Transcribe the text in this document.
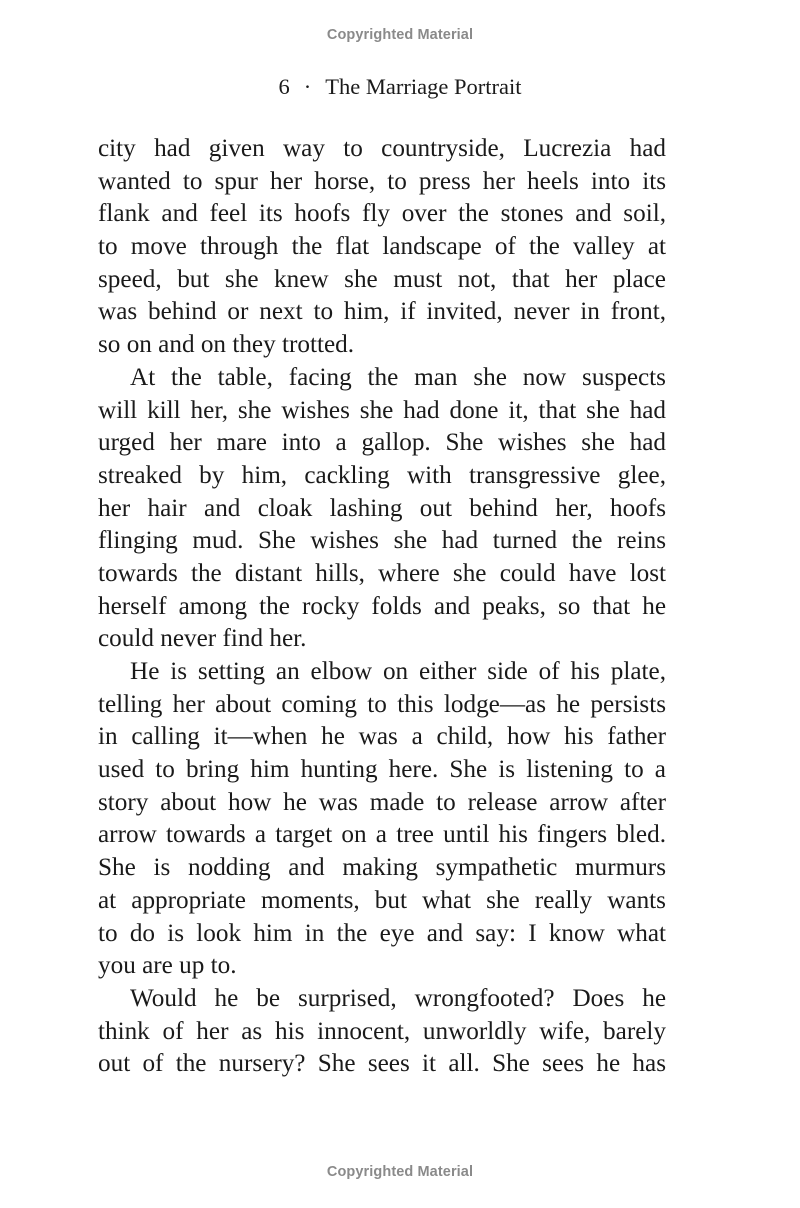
Copyrighted Material
6 · The Marriage Portrait
city had given way to countryside, Lucrezia had
wanted to spur her horse, to press her heels into its
flank and feel its hoofs fly over the stones and soil,
to move through the flat landscape of the valley at
speed, but she knew she must not, that her place
was behind or next to him, if invited, never in front,
so on and on they trotted.
At the table, facing the man she now suspects
will kill her, she wishes she had done it, that she had
urged her mare into a gallop. She wishes she had
streaked by him, cackling with transgressive glee,
her hair and cloak lashing out behind her, hoofs
flinging mud. She wishes she had turned the reins
towards the distant hills, where she could have lost
herself among the rocky folds and peaks, so that he
could never find her.
He is setting an elbow on either side of his plate,
telling her about coming to this lodge—as he persists
in calling it—when he was a child, how his father
used to bring him hunting here. She is listening to a
story about how he was made to release arrow after
arrow towards a target on a tree until his fingers bled.
She is nodding and making sympathetic murmurs
at appropriate moments, but what she really wants
to do is look him in the eye and say: I know what
you are up to.
Would he be surprised, wrongfooted? Does he
think of her as his innocent, unworldly wife, barely
out of the nursery? She sees it all. She sees he has
Copyrighted Material
